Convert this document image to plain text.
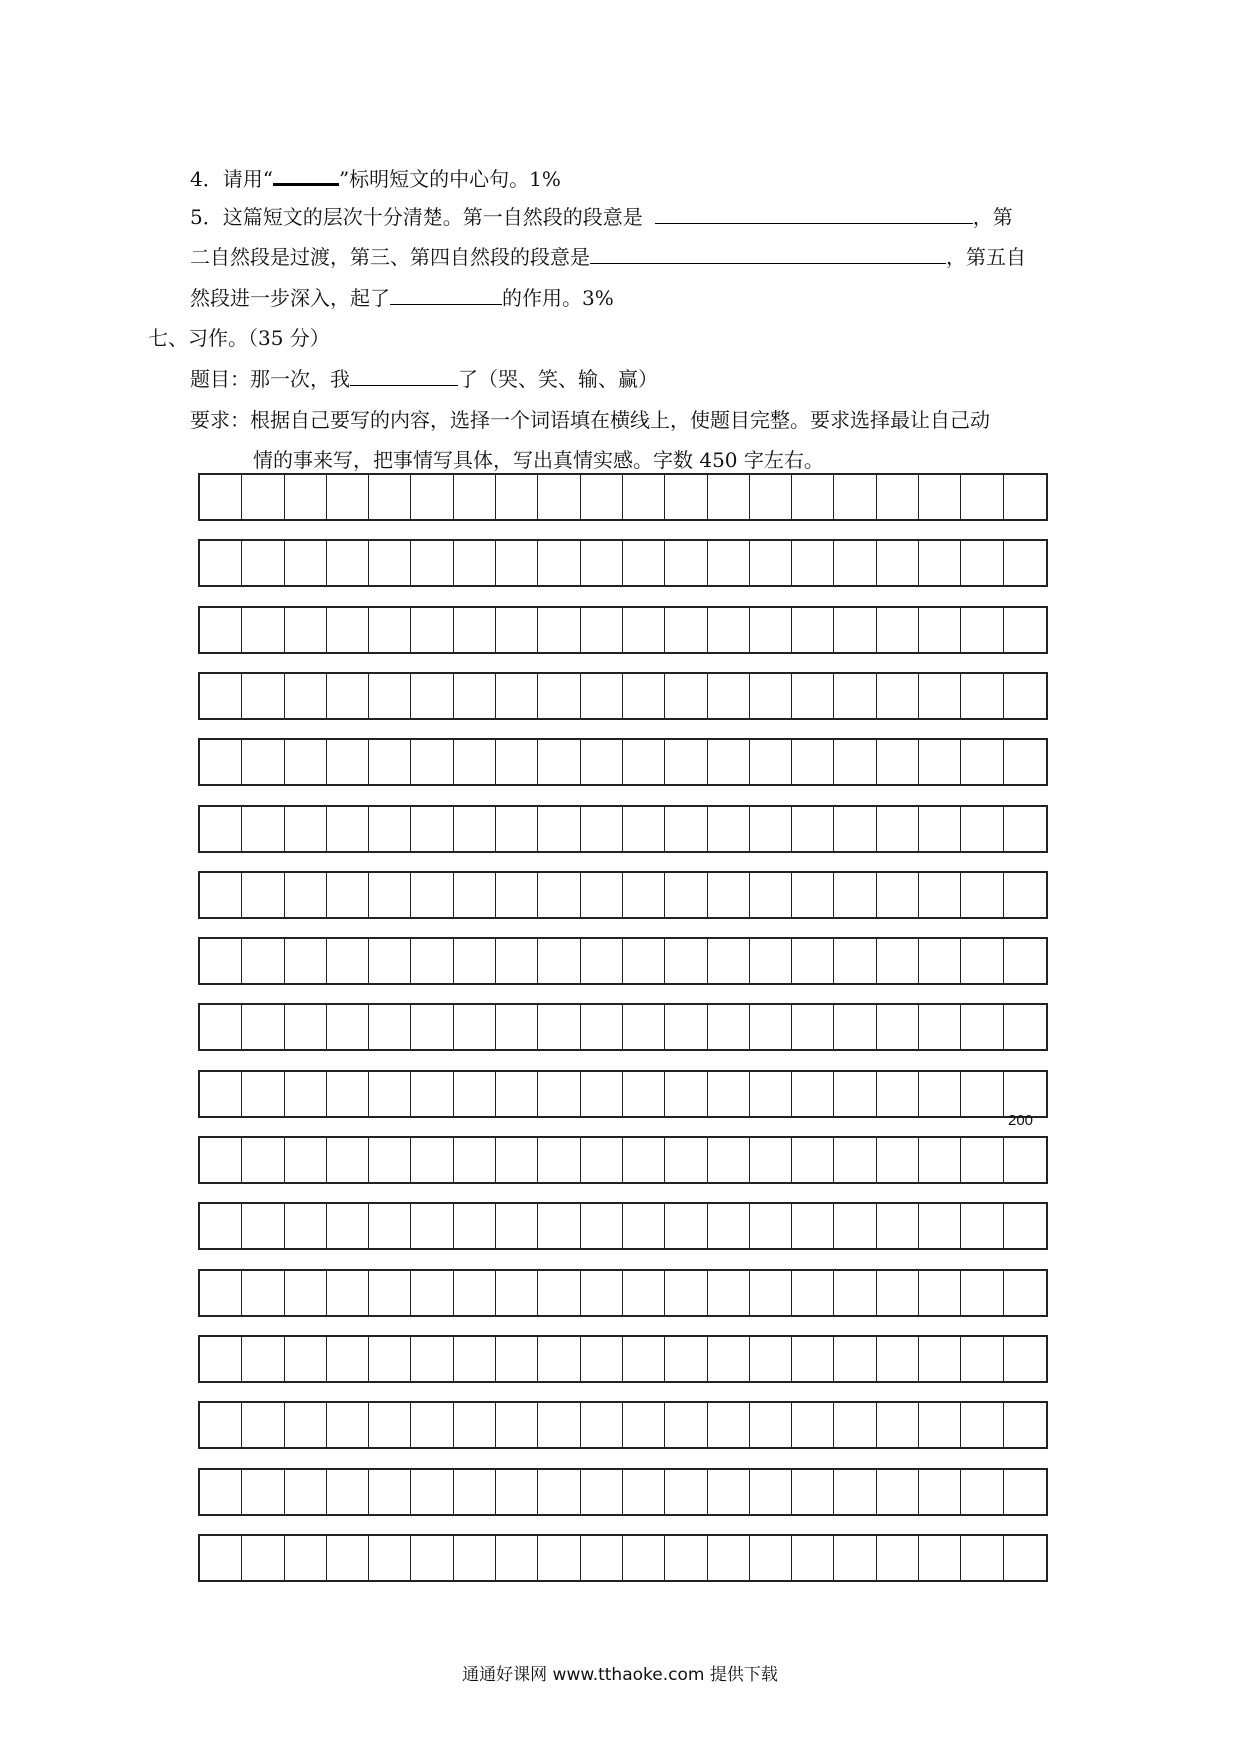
4．请用“	”标明短文的中心句。1%
5．这篇短文的层次十分清楚。第一自然段的段意是	，第
二自然段是过渡，第三、第四自然段的段意是	，第五自
然段进一步深入，起了	的作用。3%
七、习作。（35 分）
题目：那一次，我	了（哭、笑、输、赢）
要求：根据自己要写的内容，选择一个词语填在横线上，使题目完整。要求选择最让自己动
情的事来写，把事情写具体，写出真情实感。字数 450 字左右。
200
通通好课网 www.tthaoke.com 提供下载
